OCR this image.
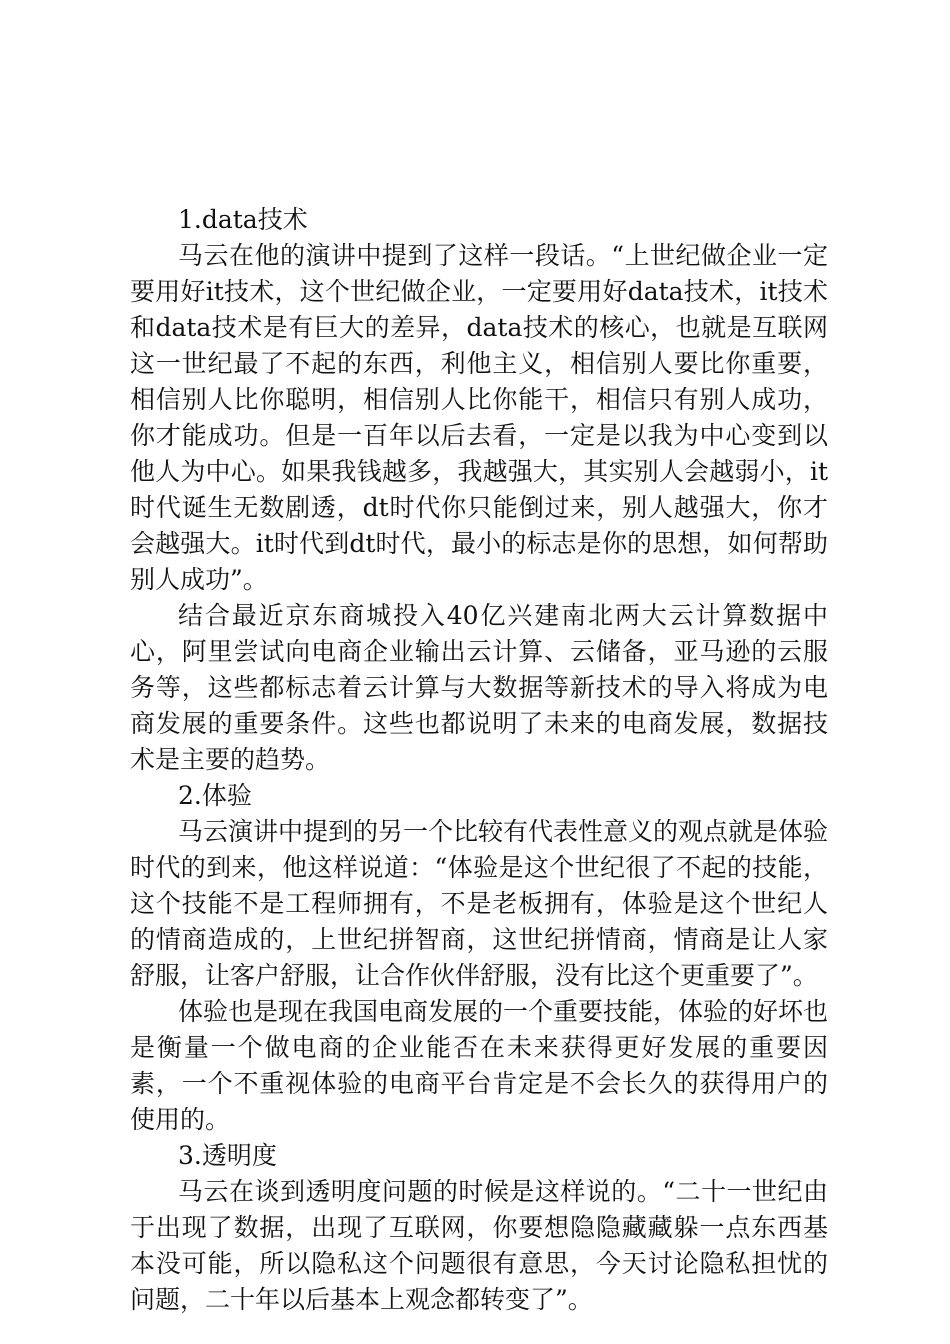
1.data技术

马云在他的演讲中提到了这样一段话。“上世纪做企业一定要用好it技术，这个世纪做企业，一定要用好data技术，it技术和data技术是有巨大的差异，data技术的核心，也就是互联网这一世纪最了不起的东西，利他主义，相信别人要比你重要，相信别人比你聪明，相信别人比你能干，相信只有别人成功，你才能成功。但是一百年以后去看，一定是以我为中心变到以他人为中心。如果我钱越多，我越强大，其实别人会越弱小，it时代诞生无数剧透，dt时代你只能倒过来，别人越强大，你才会越强大。it时代到dt时代，最小的标志是你的思想，如何帮助别人成功”。

结合最近京东商城投入40亿兴建南北两大云计算数据中心，阿里尝试向电商企业输出云计算、云储备，亚马逊的云服务等，这些都标志着云计算与大数据等新技术的导入将成为电商发展的重要条件。这些也都说明了未来的电商发展，数据技术是主要的趋势。

2.体验

马云演讲中提到的另一个比较有代表性意义的观点就是体验时代的到来，他这样说道：“体验是这个世纪很了不起的技能，这个技能不是工程师拥有，不是老板拥有，体验是这个世纪人的情商造成的，上世纪拼智商，这世纪拼情商，情商是让人家舒服，让客户舒服，让合作伙伴舒服，没有比这个更重要了”。

体验也是现在我国电商发展的一个重要技能，体验的好坏也是衡量一个做电商的企业能否在未来获得更好发展的重要因素，一个不重视体验的电商平台肯定是不会长久的获得用户的使用的。

3.透明度

马云在谈到透明度问题的时候是这样说的。“二十一世纪由于出现了数据，出现了互联网，你要想隐隐藏藏躲一点东西基本没可能，所以隐私这个问题很有意思，今天讨论隐私担忧的问题，二十年以后基本上观念都转变了”。
